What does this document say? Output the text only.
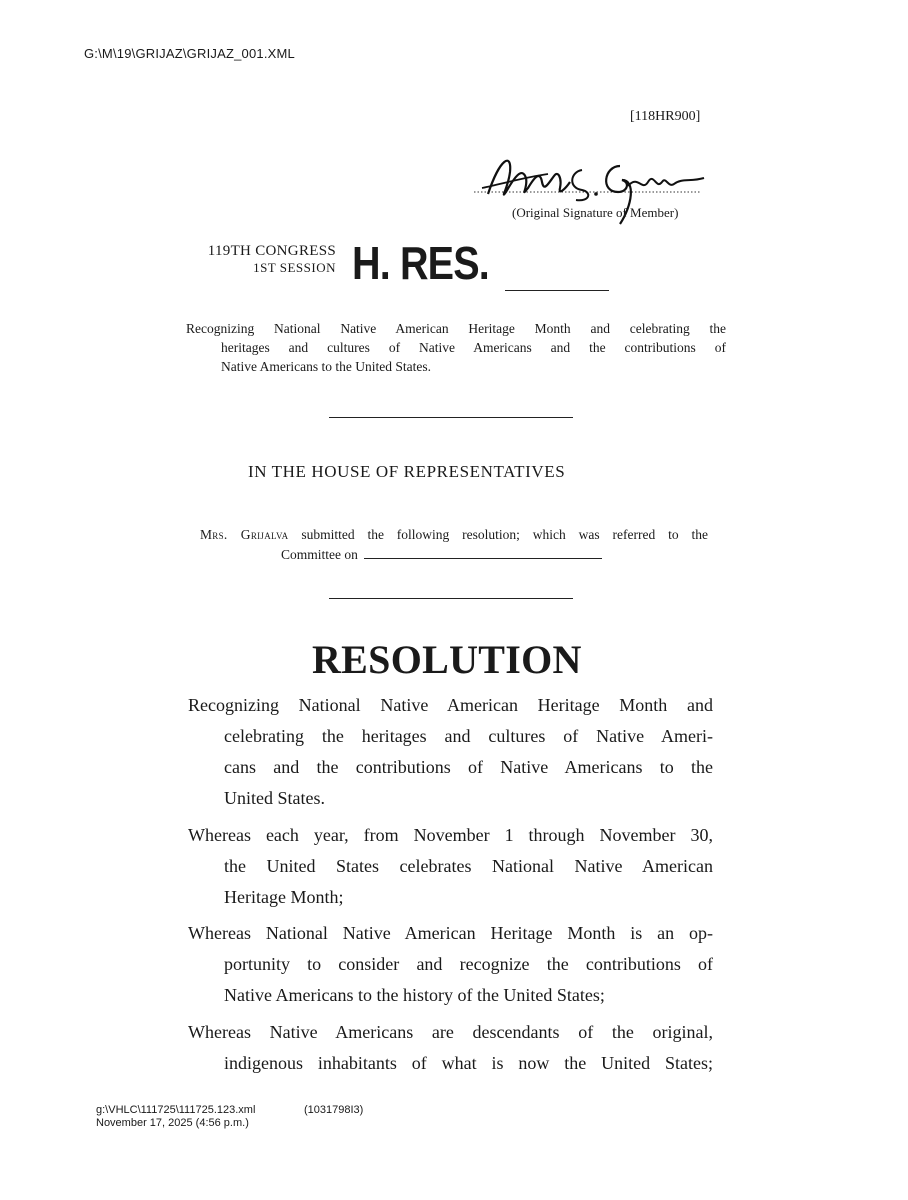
G:\M\19\GRIJAZ\GRIJAZ_001.XML
[118HR900]
(Original Signature of Member)
119TH CONGRESS
1ST SESSION H. RES.
Recognizing National Native American Heritage Month and celebrating the
heritages and cultures of Native Americans and the contributions of
Native Americans to the United States.
IN THE HOUSE OF REPRESENTATIVES
Mrs. Grijalva submitted the following resolution; which was referred to the
Committee on
RESOLUTION
Recognizing National Native American Heritage Month and
celebrating the heritages and cultures of Native Ameri-
cans and the contributions of Native Americans to the
United States.
Whereas each year, from November 1 through November 30,
the United States celebrates National Native American
Heritage Month;
Whereas National Native American Heritage Month is an op-
portunity to consider and recognize the contributions of
Native Americans to the history of the United States;
Whereas Native Americans are descendants of the original,
indigenous inhabitants of what is now the United States;
g:\VHLC\111725\111725.123.xml
November 17, 2025 (4:56 p.m.)
(1031798I3)
